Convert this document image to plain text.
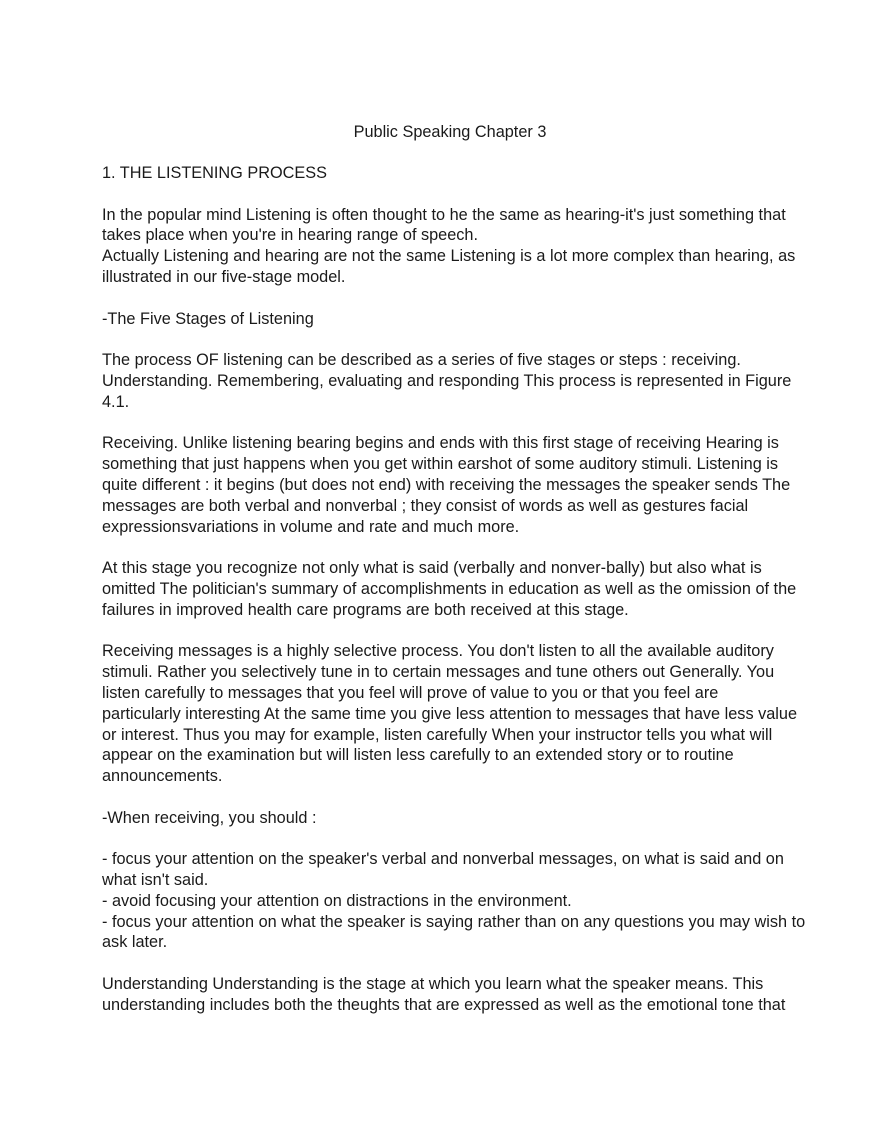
Public Speaking Chapter 3
1. THE LISTENING PROCESS
In the popular mind Listening is often thought to he the same as hearing-it's just something that
takes place when you're in hearing range of speech.
Actually Listening and hearing are not the same Listening is a lot more complex than hearing, as
illustrated in our five-stage model.
-The Five Stages of Listening
The process OF listening can be described as a series of five stages or steps : receiving.
Understanding. Remembering, evaluating and responding This process is represented in Figure
4.1.
Receiving. Unlike listening bearing begins and ends with this first stage of receiving Hearing is
something that just happens when you get within earshot of some auditory stimuli. Listening is
quite different : it begins (but does not end) with receiving the messages the speaker sends The
messages are both verbal and nonverbal ; they consist of words as well as gestures facial
expressionsvariations in volume and rate and much more.
At this stage you recognize not only what is said (verbally and nonver-bally) but also what is
omitted The politician's summary of accomplishments in education as well as the omission of the
failures in improved health care programs are both received at this stage.
Receiving messages is a highly selective process. You don't listen to all the available auditory
stimuli. Rather you selectively tune in to certain messages and tune others out Generally. You
listen carefully to messages that you feel will prove of value to you or that you feel are
particularly interesting At the same time you give less attention to messages that have less value
or interest. Thus you may for example, listen carefully When your instructor tells you what will
appear on the examination but will listen less carefully to an extended story or to routine
announcements.
-When receiving, you should :
- focus your attention on the speaker's verbal and nonverbal messages, on what is said and on
what isn't said.
- avoid focusing your attention on distractions in the environment.
- focus your attention on what the speaker is saying rather than on any questions you may wish to
ask later.
Understanding Understanding is the stage at which you learn what the speaker means. This
understanding includes both the theughts that are expressed as well as the emotional tone that
